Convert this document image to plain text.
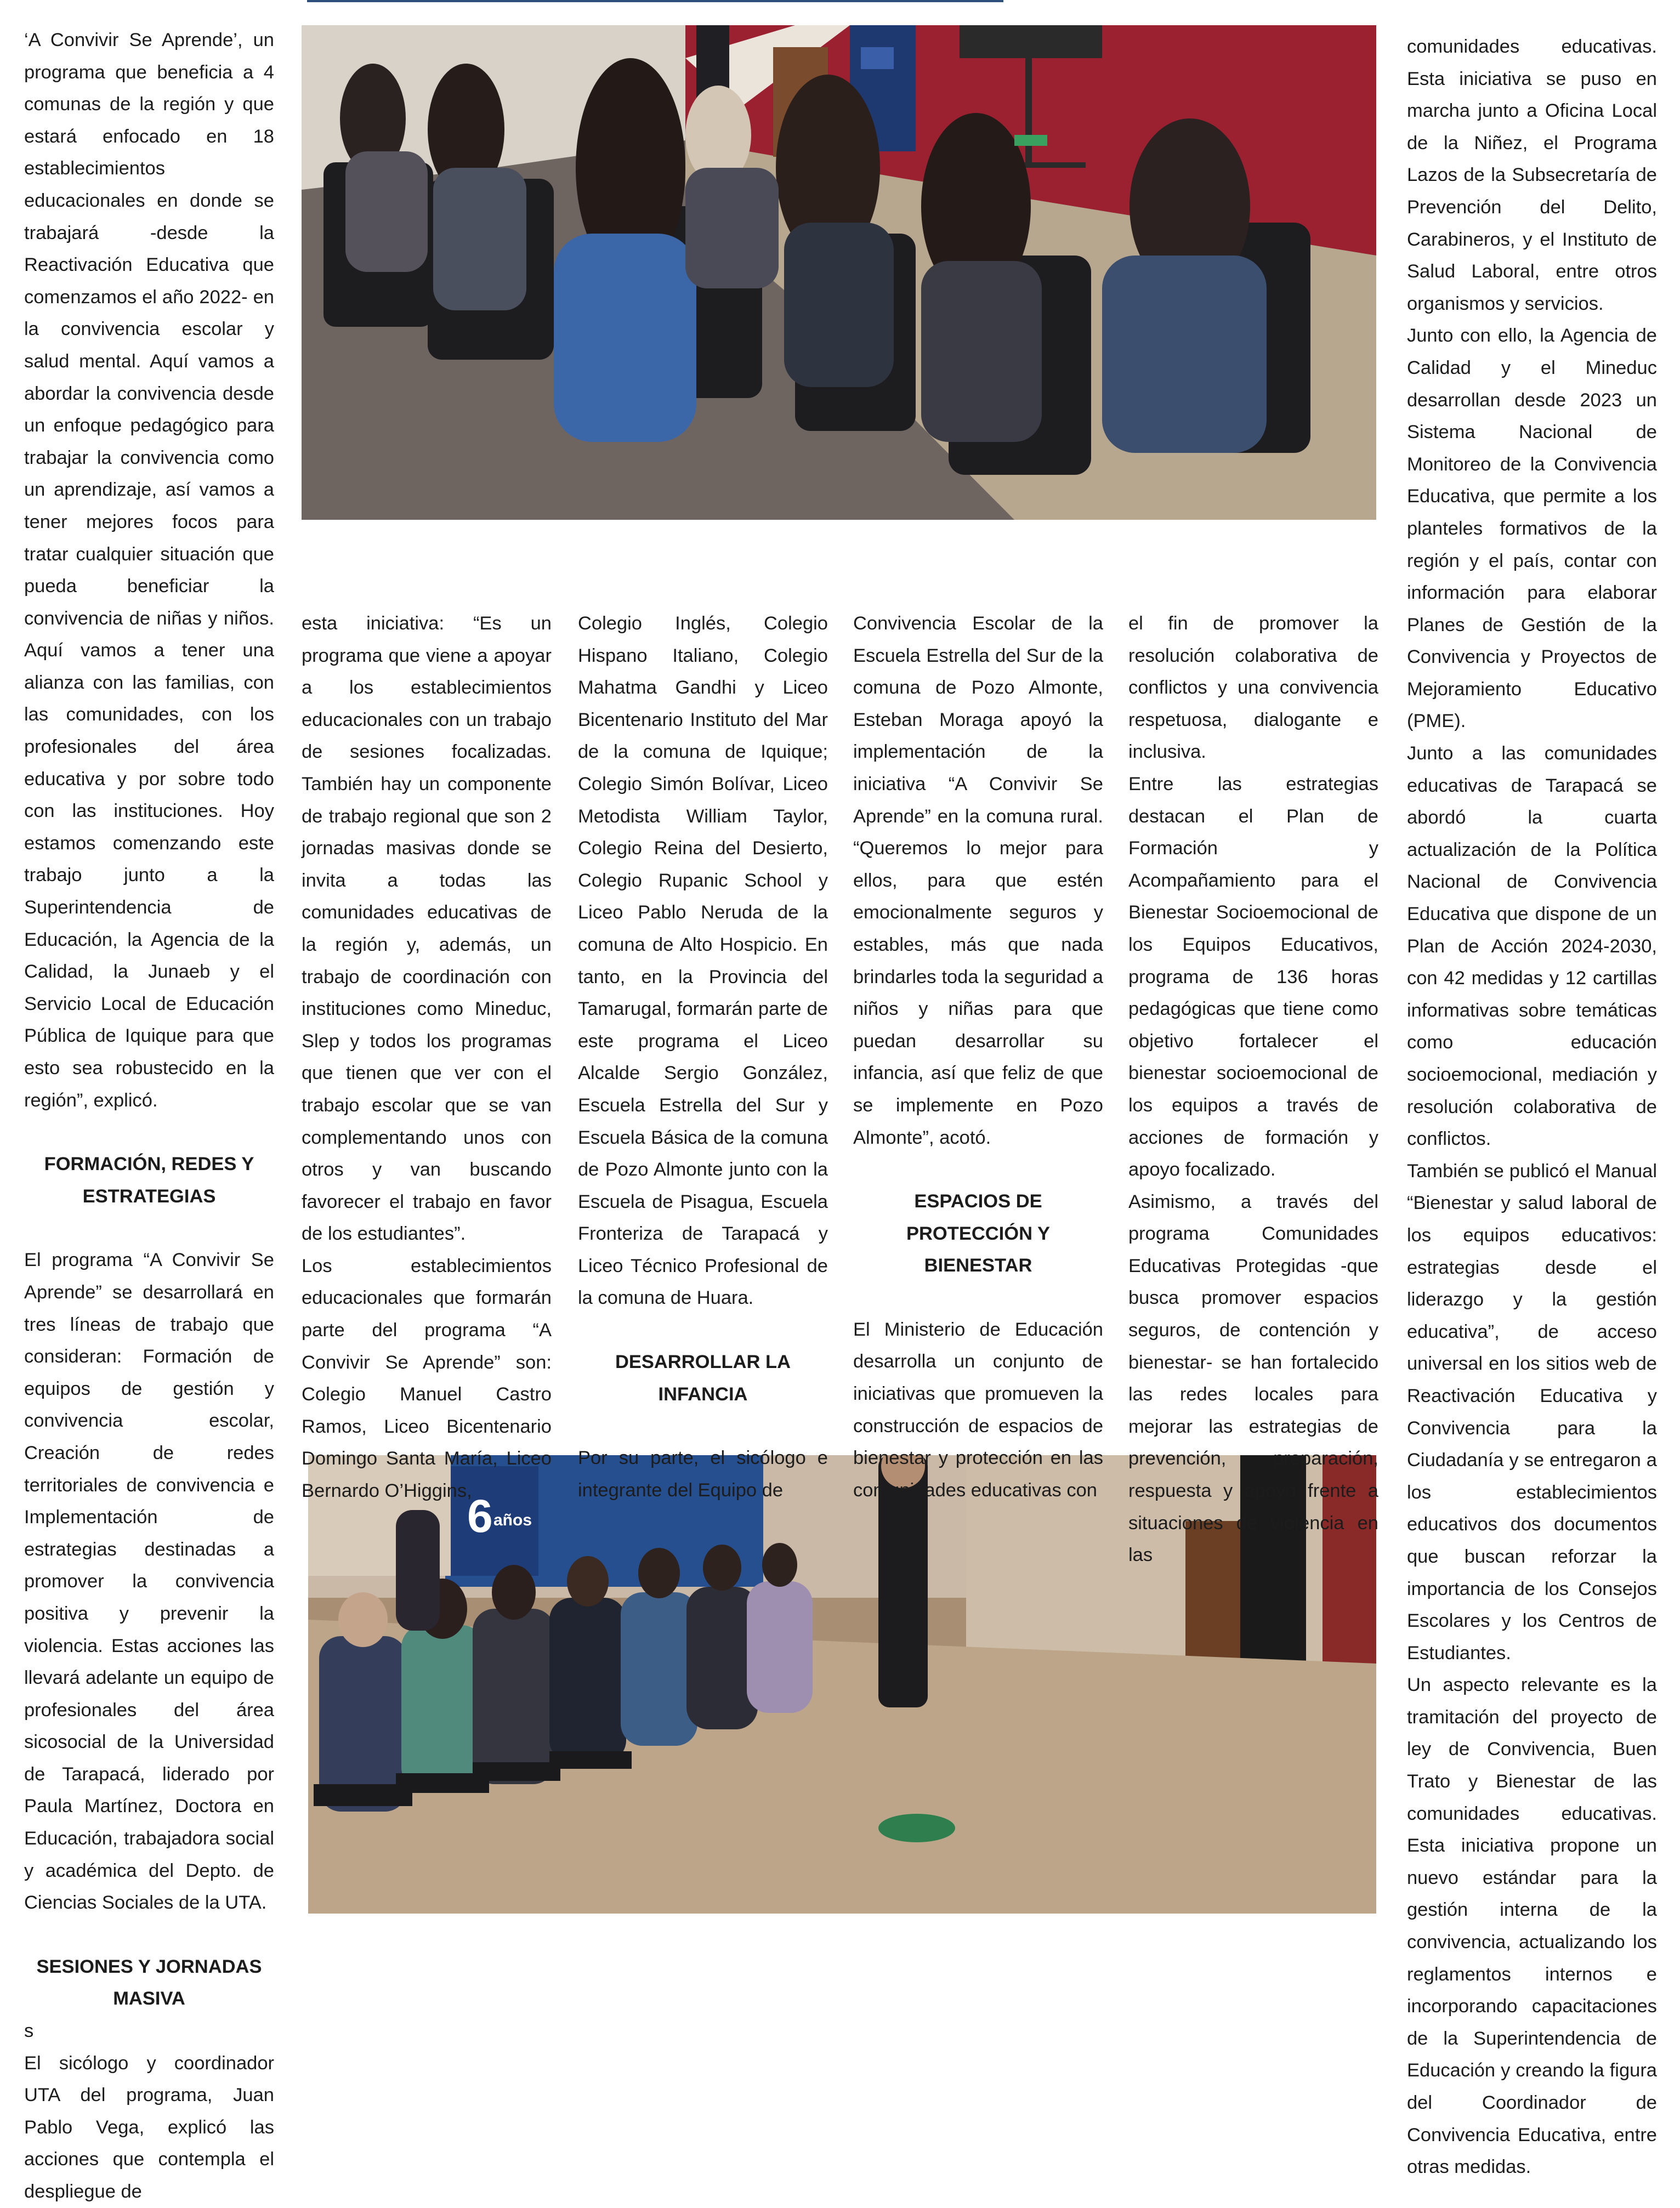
6 años

‘A Convivir Se Aprende’, un programa que beneficia a 4 comunas de la región y que estará enfocado en 18 establecimientos educacionales en donde se trabajará -desde la Reactivación Educativa que comenzamos el año 2022- en la convivencia escolar y salud mental. Aquí vamos a abordar la convivencia desde un enfoque pedagógico para trabajar la convivencia como un aprendizaje, así vamos a tener mejores focos para tratar cualquier situación que pueda beneficiar la convivencia de niñas y niños. Aquí vamos a tener una alianza con las familias, con las comunidades, con los profesionales del área educativa y por sobre todo con las instituciones. Hoy estamos comenzando este trabajo junto a la Superintendencia de Educación, la Agencia de la Calidad, la Junaeb y el Servicio Local de Educación Pública de Iquique para que esto sea robustecido en la región”, explicó.

FORMACIÓN, REDES Y ESTRATEGIAS

El programa “A Convivir Se Aprende” se desarrollará en tres líneas de trabajo que consideran: Formación de equipos de gestión y convivencia escolar, Creación de redes territoriales de convivencia e Implementación de estrategias destinadas a promover la convivencia positiva y prevenir la violencia. Estas acciones las llevará adelante un equipo de profesionales del área sicosocial de la Universidad de Tarapacá, liderado por Paula Martínez, Doctora en Educación, trabajadora social y académica del Depto. de Ciencias Sociales de la UTA.

SESIONES Y JORNADAS MASIVA

s

El sicólogo y coordinador UTA del programa, Juan Pablo Vega, explicó las acciones que contempla el despliegue de

esta iniciativa: “Es un programa que viene a apoyar a los establecimientos educacionales con un trabajo de sesiones focalizadas. También hay un componente de trabajo regional que son 2 jornadas masivas donde se invita a todas las comunidades educativas de la región y, además, un trabajo de coordinación con instituciones como Mineduc, Slep y todos los programas que tienen que ver con el trabajo escolar que se van complementando unos con otros y van buscando favorecer el trabajo en favor de los estudiantes”.

Los establecimientos educacionales que formarán parte del programa “A Convivir Se Aprende” son: Colegio Manuel Castro Ramos, Liceo Bicentenario Domingo Santa María, Liceo Bernardo O’Higgins,

Colegio Inglés, Colegio Hispano Italiano, Colegio Mahatma Gandhi y Liceo Bicentenario Instituto del Mar de la comuna de Iquique; Colegio Simón Bolívar, Liceo Metodista William Taylor, Colegio Reina del Desierto, Colegio Rupanic School y Liceo Pablo Neruda de la comuna de Alto Hospicio. En tanto, en la Provincia del Tamarugal, formarán parte de este programa el Liceo Alcalde Sergio González, Escuela Estrella del Sur y Escuela Básica de la comuna de Pozo Almonte junto con la Escuela de Pisagua, Escuela Fronteriza de Tarapacá y Liceo Técnico Profesional de la comuna de Huara.

DESARROLLAR LA INFANCIA

Por su parte, el sicólogo e integrante del Equipo de

Convivencia Escolar de la Escuela Estrella del Sur de la comuna de Pozo Almonte, Esteban Moraga apoyó la implementación de la iniciativa “A Convivir Se Aprende” en la comuna rural. “Queremos lo mejor para ellos, para que estén emocionalmente seguros y estables, más que nada brindarles toda la seguridad a niños y niñas para que puedan desarrollar su infancia, así que feliz de que se implemente en Pozo Almonte”, acotó.

ESPACIOS DE PROTECCIÓN Y BIENESTAR

El Ministerio de Educación desarrolla un conjunto de iniciativas que promueven la construcción de espacios de bienestar y protección en las comunidades educativas con

el fin de promover la resolución colaborativa de conflictos y una convivencia respetuosa, dialogante e inclusiva.

Entre las estrategias destacan el Plan de Formación y Acompañamiento para el Bienestar Socioemocional de los Equipos Educativos, programa de 136 horas pedagógicas que tiene como objetivo fortalecer el bienestar socioemocional de los equipos a través de acciones de formación y apoyo focalizado.

Asimismo, a través del programa Comunidades Educativas Protegidas -que busca promover espacios seguros, de contención y bienestar- se han fortalecido las redes locales para mejorar las estrategias de prevención, preparación, respuesta y apoyo frente a situaciones de violencia en las

comunidades educativas. Esta iniciativa se puso en marcha junto a Oficina Local de la Niñez, el Programa Lazos de la Subsecretaría de Prevención del Delito, Carabineros, y el Instituto de Salud Laboral, entre otros organismos y servicios.

Junto con ello, la Agencia de Calidad y el Mineduc desarrollan desde 2023 un Sistema Nacional de Monitoreo de la Convivencia Educativa, que permite a los planteles formativos de la región y el país, contar con información para elaborar Planes de Gestión de la Convivencia y Proyectos de Mejoramiento Educativo (PME).

Junto a las comunidades educativas de Tarapacá se abordó la cuarta actualización de la Política Nacional de Convivencia Educativa que dispone de un Plan de Acción 2024-2030, con 42 medidas y 12 cartillas informativas sobre temáticas como educación socioemocional, mediación y resolución colaborativa de conflictos.

También se publicó el Manual “Bienestar y salud laboral de los equipos educativos: estrategias desde el liderazgo y la gestión educativa”, de acceso universal en los sitios web de Reactivación Educativa y Convivencia para la Ciudadanía y se entregaron a los establecimientos educativos dos documentos que buscan reforzar la importancia de los Consejos Escolares y los Centros de Estudiantes.

Un aspecto relevante es la tramitación del proyecto de ley de Convivencia, Buen Trato y Bienestar de las comunidades educativas. Esta iniciativa propone un nuevo estándar para la gestión interna de la convivencia, actualizando los reglamentos internos e incorporando capacitaciones de la Superintendencia de Educación y creando la figura del Coordinador de Convivencia Educativa, entre otras medidas.
